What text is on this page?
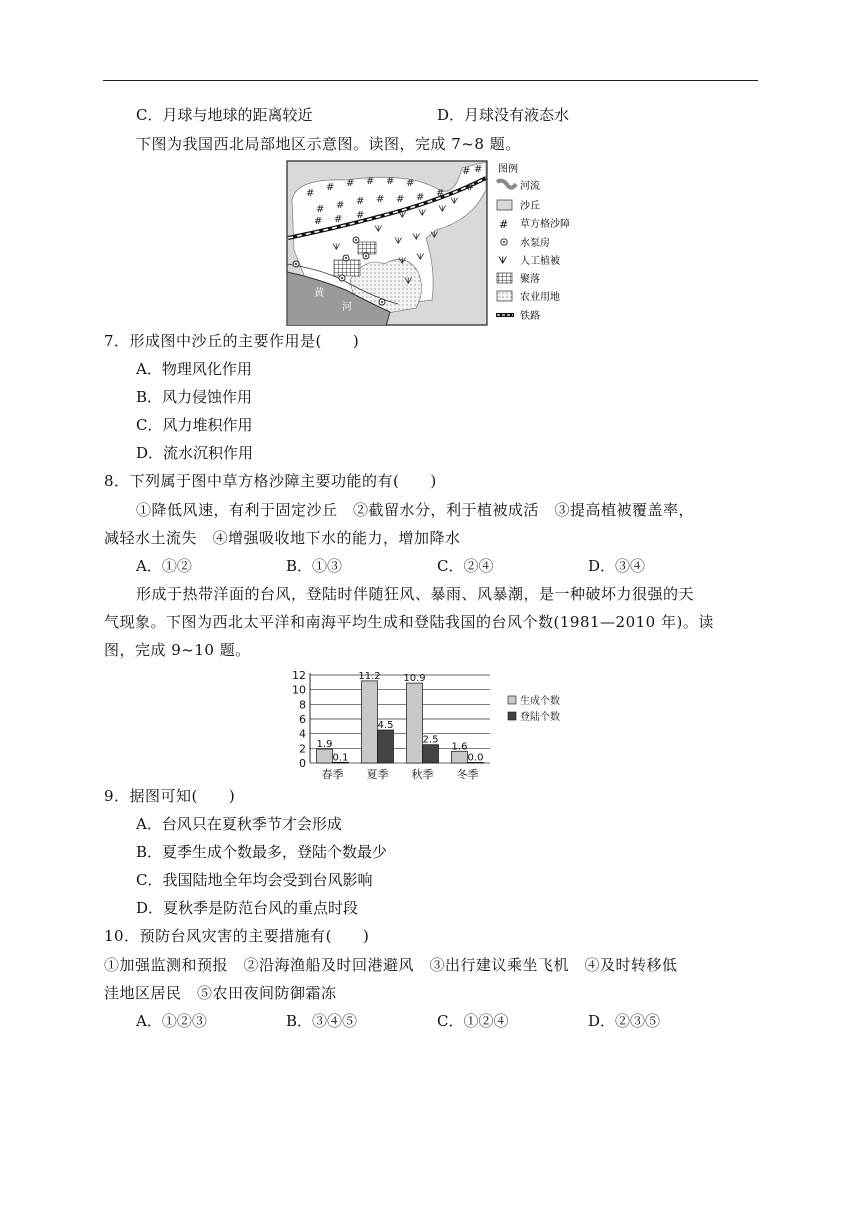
C．月球与地球的距离较近	D．月球没有液态水
下图为我国西北局部地区示意图。读图，完成 7~8 题。
黄
河
#
# # # # #
# # # # # # #
# #
#
# # #	ᗐ ᗐ ᗐ
ᗐ
ᗐ ᗐ ᗐ
ᗐ ᗐ
ᗐ
ᗐ
ᗐ
图例
河流
沙丘
# 草方格沙障
水泵房
ᗐ 人工植被
聚落
农业用地
铁路
7．形成图中沙丘的主要作用是(　　)
A．物理风化作用
B．风力侵蚀作用
C．风力堆积作用
D．流水沉积作用
8．下列属于图中草方格沙障主要功能的有(　　)
①降低风速，有利于固定沙丘　②截留水分，利于植被成活　③提高植被覆盖率，
减轻水土流失　④增强吸收地下水的能力，增加降水
A．①②	B．①③	C．②④	D．③④
形成于热带洋面的台风，登陆时伴随狂风、暴雨、风暴潮，是一种破坏力很强的天
气现象。下图为西北太平洋和南海平均生成和登陆我国的台风个数(1981—2010 年)。读
图，完成 9~10 题。
0
2
4
6
8
10
12
1.9
0.1
春季
11.2
4.5
夏季
10.9
2.5
秋季
1.6
0.0
冬季
生成个数
登陆个数
9．据图可知(　　)
A．台风只在夏秋季节才会形成
B．夏季生成个数最多，登陆个数最少
C．我国陆地全年均会受到台风影响
D．夏秋季是防范台风的重点时段
10．预防台风灾害的主要措施有(　　)
①加强监测和预报　②沿海渔船及时回港避风　③出行建议乘坐飞机　④及时转移低
洼地区居民　⑤农田夜间防御霜冻
A．①②③	B．③④⑤	C．①②④	D．②③⑤
